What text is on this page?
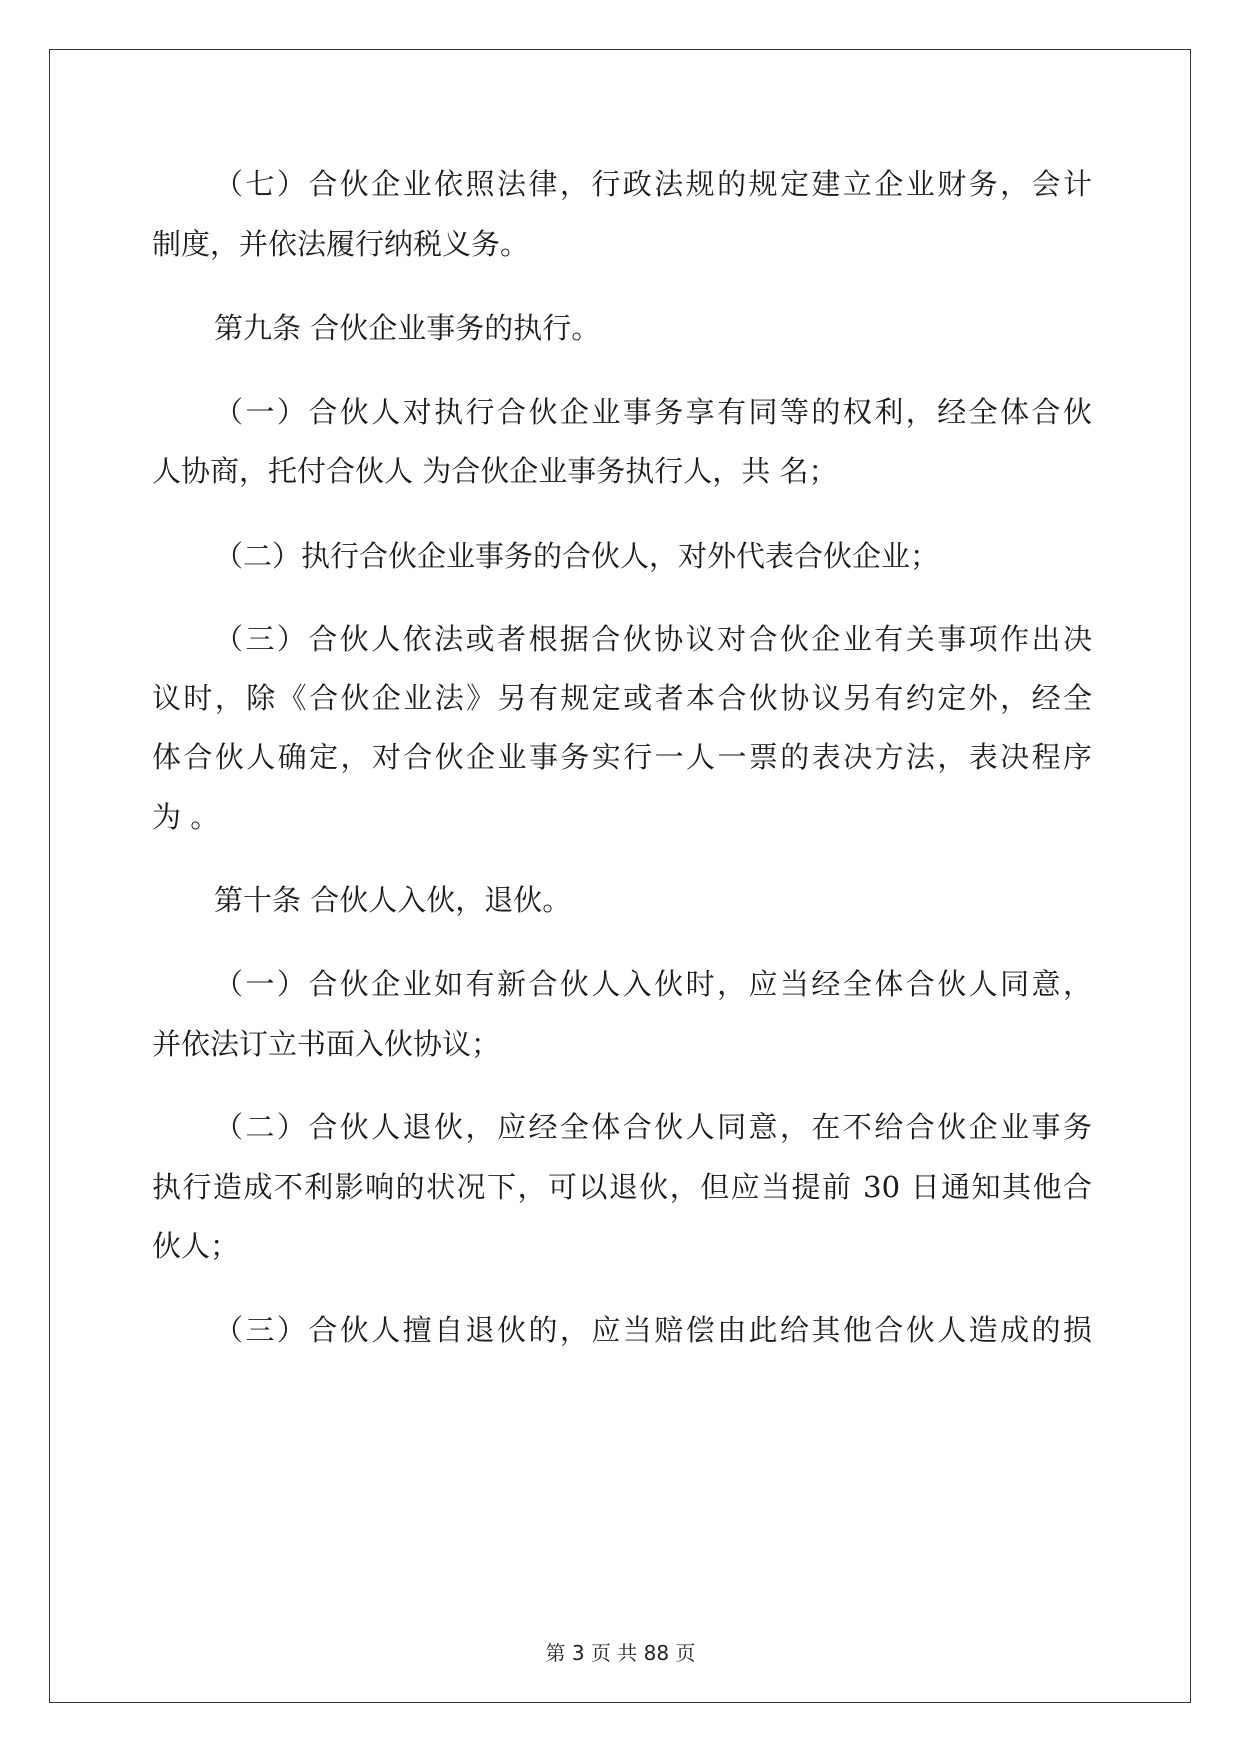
（七）合伙企业依照法律，行政法规的规定建立企业财务，会计
制度，并依法履行纳税义务。
第九条 合伙企业事务的执行。
（一）合伙人对执行合伙企业事务享有同等的权利，经全体合伙
人协商，托付合伙人 为合伙企业事务执行人，共 名；
（二）执行合伙企业事务的合伙人，对外代表合伙企业；
（三）合伙人依法或者根据合伙协议对合伙企业有关事项作出决
议时，除《合伙企业法》另有规定或者本合伙协议另有约定外，经全
体合伙人确定，对合伙企业事务实行一人一票的表决方法，表决程序
为 。
第十条 合伙人入伙，退伙。
（一）合伙企业如有新合伙人入伙时，应当经全体合伙人同意，
并依法订立书面入伙协议；
（二）合伙人退伙，应经全体合伙人同意，在不给合伙企业事务
执行造成不利影响的状况下，可以退伙，但应当提前 30 日通知其他合
伙人；
（三）合伙人擅自退伙的，应当赔偿由此给其他合伙人造成的损
第 3 页 共 88 页
